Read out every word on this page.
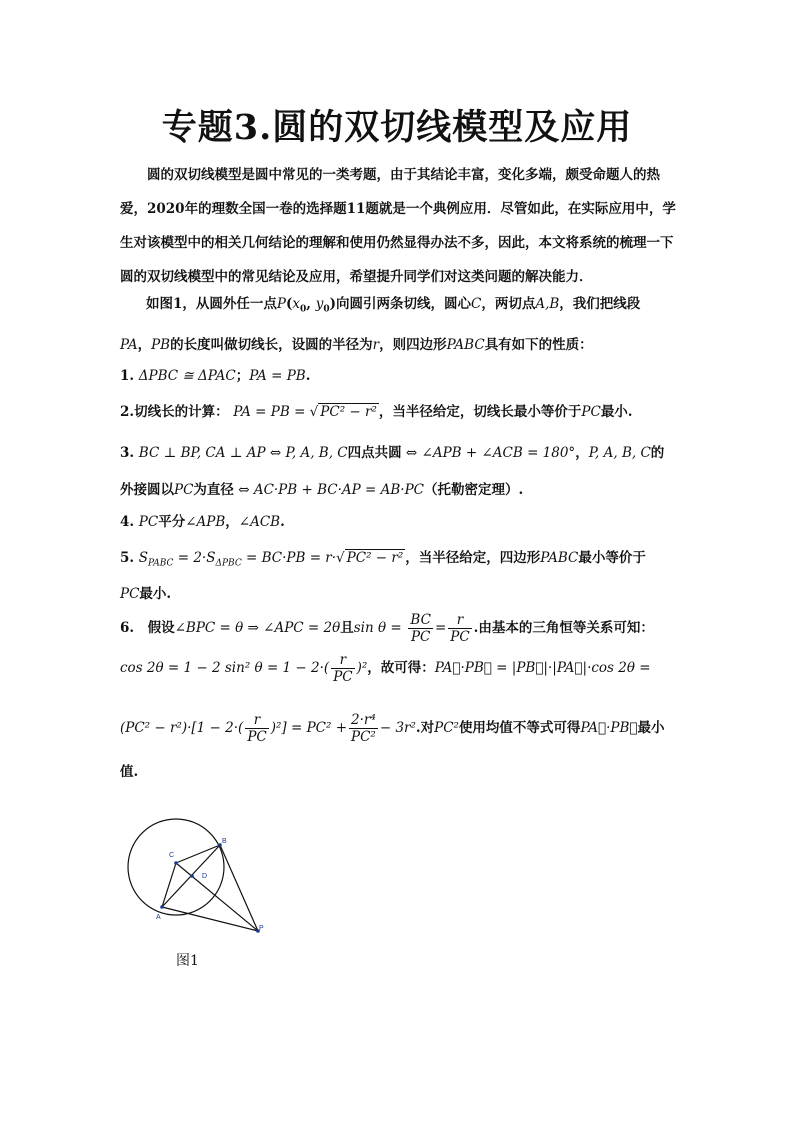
专题3.圆的双切线模型及应用

圆的双切线模型是圆中常见的一类考题，由于其结论丰富，变化多端，颇受命题人的热爱，2020年的理数全国一卷的选择题11题就是一个典例应用．尽管如此，在实际应用中，学生对该模型中的相关几何结论的理解和使用仍然显得办法不多，因此，本文将系统的梳理一下圆的双切线模型中的常见结论及应用，希望提升同学们对这类问题的解决能力．

如图1，从圆外任一点$P(x_0$, $y_0$)向圆引两条切线，圆心C，两切点A,B，我们把线段
PA，PB的长度叫做切线长，设圆的半径为r，则四边形PABC具有如下的性质：
1. ΔPBC ≅ ΔPAC；PA = PB.
2.切线长的计算： PA = PB = √ PC² − r² ，当半径给定，切线长最小等价于PC最小.
3. BC ⊥ BP, CA ⊥ AP ⇔ P, A, B, C四点共圆 ⇔ ∠APB + ∠ACB = 180°，P, A, B, C的
外接圆以PC为直径 ⇔ AC·PB + BC·AP = AB·PC（托勒密定理）.
4. PC平分∠APB，∠ACB.
5. $S_{PABC} = 2\cdot S_{\Delta PBC} = BC\cdot PB = r\cdot√$ PC² − r² ，当半径给定，四边形PABC最小等价于
PC最小.
6.　假设∠BPC = θ ⇒ ∠APC = 2θ且$\sin \theta = \frac{BC}{PC} = \frac{r}{PC}$ .由基本的三角恒等关系可知：
cos 2θ = 1 − 2 sin² $\theta = 1 - 2\cdot( \frac{r}{PC} )^2$，故可得：PA⃗·PB⃗ = |PB⃗|·|PA⃗|·cos 2θ =
$(PC^2 - r^2)\cdot[1 - 2\cdot( \frac{r}{PC} )^2] = PC^2 + \frac{\text{2·r⁴}}{\text{PC²}} - 3r^2$.对PC²使用均值不等式可得PA⃗·PB⃗最小
值.
C
D
A
B
P
图1
